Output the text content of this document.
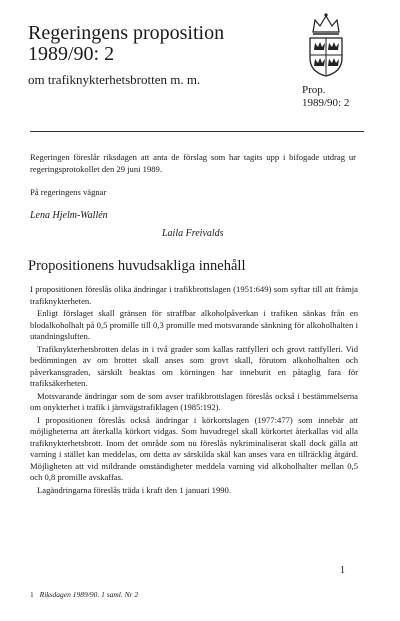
Regeringens proposition
1989/90: 2
om trafiknykterhetsbrotten m. m.
Prop.
1989/90: 2
Regeringen föreslår riksdagen att anta de förslag som har tagits upp i bifogade utdrag ur regeringsprotokollet den 29 juni 1989.
På regeringens vägnar
Lena Hjelm-Wallén
Laila Freivalds
Propositionens huvudsakliga innehåll

I propositionen föreslås olika ändringar i trafikbrottslagen (1951:649) som syftar till att främja trafiknykterheten.

Enligt förslaget skall gränsen för straffbar alkoholpåverkan i trafiken sänkas från en blodalkoholhalt på 0,5 promille till 0,3 promille med motsvarande sänkning för alkoholhalten i utandningsluften.

Trafiknykterhetsbrotten delas in i två grader som kallas rattfylleri och grovt rattfylleri. Vid bedömningen av om brottet skall anses som grovt skall, förutom alkoholhalten och påverkansgraden, särskilt beaktas om körningen har inneburit en påtaglig fara för trafiksäkerheten.

Motsvarande ändringar som de som avser trafikbrottslagen föreslås också i bestämmelserna om onykterhet i trafik i järnvägstrafiklagen (1985:192).

I propositionen föreslås också ändringar i körkortslagen (1977:477) som innebär att möjligheterna att återkalla körkort vidgas. Som huvudregel skall körkortet återkallas vid alla trafiknykterhetsbrott. Inom det område som nu föreslås nykriminaliserat skall dock gälla att varning i stället kan meddelas, om detta av särskilda skäl kan anses vara en tillräcklig åtgärd. Möjligheten att vid mildrande omständigheter meddela varning vid alkoholhalter mellan 0,5 och 0,8 promille avskaffas.

Lagändringarna föreslås träda i kraft den 1 januari 1990.

1
1 Riksdagen 1989/90. 1 saml. Nr 2
